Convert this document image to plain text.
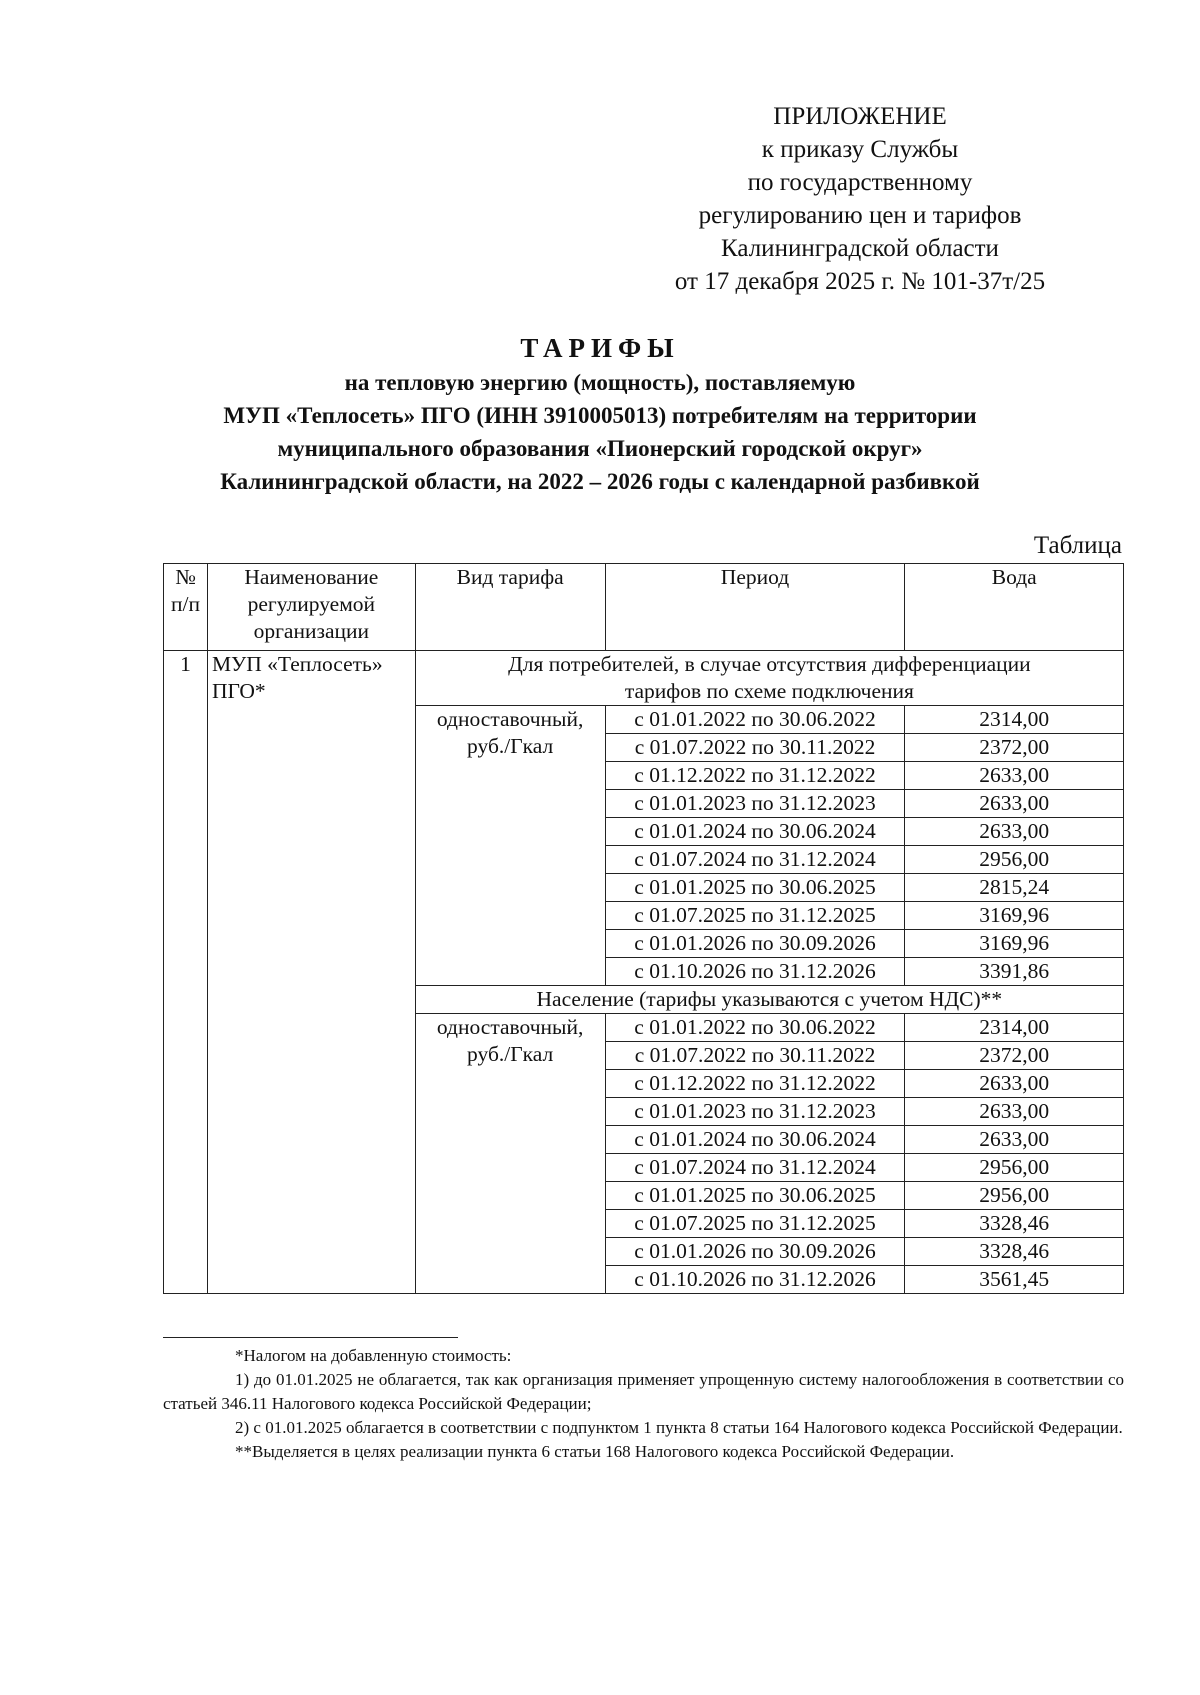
ПРИЛОЖЕНИЕ
к приказу Службы
по государственному
регулированию цен и тарифов
Калининградской области
от 17 декабря 2025 г. № 101-37т/25
ТАРИФЫ
на тепловую энергию (мощность), поставляемую
МУП «Теплосеть» ПГО (ИНН 3910005013) потребителям на территории
муниципального образования «Пионерский городской округ»
Калининградской области, на 2022 – 2026 годы с календарной разбивкой
Таблица
№ п/п	Наименование регулируемой организации	Вид тарифа	Период	Вода
1	МУП «Теплосеть» ПГО*	Для потребителей, в случае отсутствия дифференциации тарифов по схеме подключения		
		одноставочный, руб./Гкал	с 01.01.2022 по 30.06.2022	2314,00
			с 01.07.2022 по 30.11.2022	2372,00
			с 01.12.2022 по 31.12.2022	2633,00
			с 01.01.2023 по 31.12.2023	2633,00
			с 01.01.2024 по 30.06.2024	2633,00
			с 01.07.2024 по 31.12.2024	2956,00
			с 01.01.2025 по 30.06.2025	2815,24
			с 01.07.2025 по 31.12.2025	3169,96
			с 01.01.2026 по 30.09.2026	3169,96
			с 01.10.2026 по 31.12.2026	3391,86
		Население (тарифы указываются с учетом НДС)**		
		одноставочный, руб./Гкал	с 01.01.2022 по 30.06.2022	2314,00
			с 01.07.2022 по 30.11.2022	2372,00
			с 01.12.2022 по 31.12.2022	2633,00
			с 01.01.2023 по 31.12.2023	2633,00
			с 01.01.2024 по 30.06.2024	2633,00
			с 01.07.2024 по 31.12.2024	2956,00
			с 01.01.2025 по 30.06.2025	2956,00
			с 01.07.2025 по 31.12.2025	3328,46
			с 01.01.2026 по 30.09.2026	3328,46
			с 01.10.2026 по 31.12.2026	3561,45

*Налогом на добавленную стоимость:

1) до 01.01.2025 не облагается, так как организация применяет упрощенную систему налогообложения в соответствии со статьей 346.11 Налогового кодекса Российской Федерации;

2) с 01.01.2025 облагается в соответствии с подпунктом 1 пункта 8 статьи 164 Налогового кодекса Российской Федерации.

**Выделяется в целях реализации пункта 6 статьи 168 Налогового кодекса Российской Федерации.
